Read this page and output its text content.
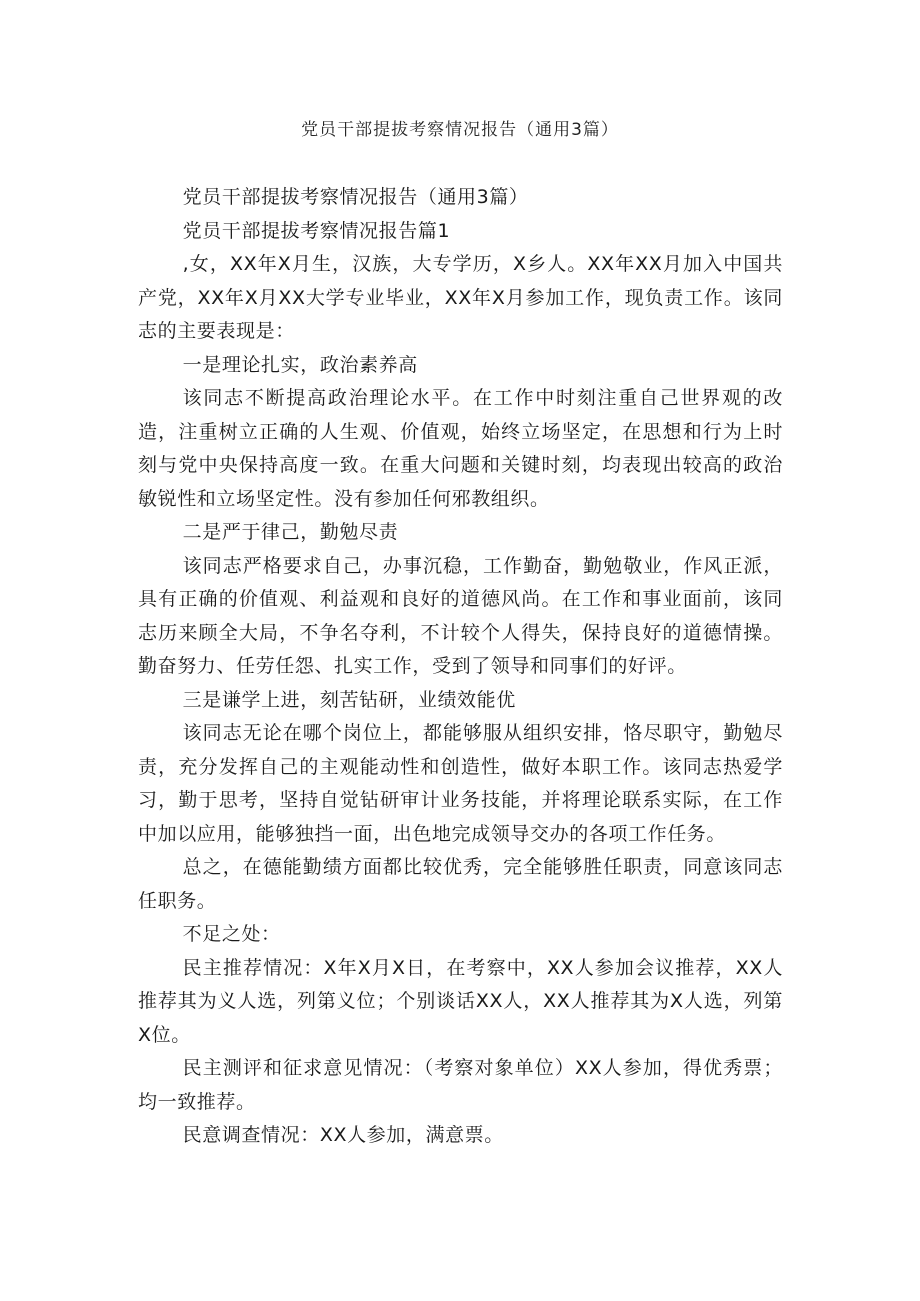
党员干部提拔考察情况报告（通用3篇）

党员干部提拔考察情况报告（通用3篇）

党员干部提拔考察情况报告篇1

,女，XX年X月生，汉族，大专学历，X乡人。XX年XX月加入中国共产党，XX年X月XX大学专业毕业，XX年X月参加工作，现负责工作。该同志的主要表现是：

一是理论扎实，政治素养高

该同志不断提高政治理论水平。在工作中时刻注重自己世界观的改造，注重树立正确的人生观、价值观，始终立场坚定，在思想和行为上时刻与党中央保持高度一致。在重大问题和关键时刻，均表现出较高的政治敏锐性和立场坚定性。没有参加任何邪教组织。

二是严于律己，勤勉尽责

该同志严格要求自己，办事沉稳，工作勤奋，勤勉敬业，作风正派，具有正确的价值观、利益观和良好的道德风尚。在工作和事业面前，该同志历来顾全大局，不争名夺利，不计较个人得失，保持良好的道德情操。勤奋努力、任劳任怨、扎实工作，受到了领导和同事们的好评。

三是谦学上进，刻苦钻研，业绩效能优

该同志无论在哪个岗位上，都能够服从组织安排，恪尽职守，勤勉尽责，充分发挥自己的主观能动性和创造性，做好本职工作。该同志热爱学习，勤于思考，坚持自觉钻研审计业务技能，并将理论联系实际，在工作中加以应用，能够独挡一面，出色地完成领导交办的各项工作任务。

总之，在德能勤绩方面都比较优秀，完全能够胜任职责，同意该同志任职务。

不足之处：

民主推荐情况：X年X月X日，在考察中，XX人参加会议推荐，XX人推荐其为义人选，列第义位；个别谈话XX人，XX人推荐其为X人选，列第X位。

民主测评和征求意见情况：（考察对象单位）XX人参加，得优秀票；均一致推荐。

民意调查情况：XX人参加，满意票。
